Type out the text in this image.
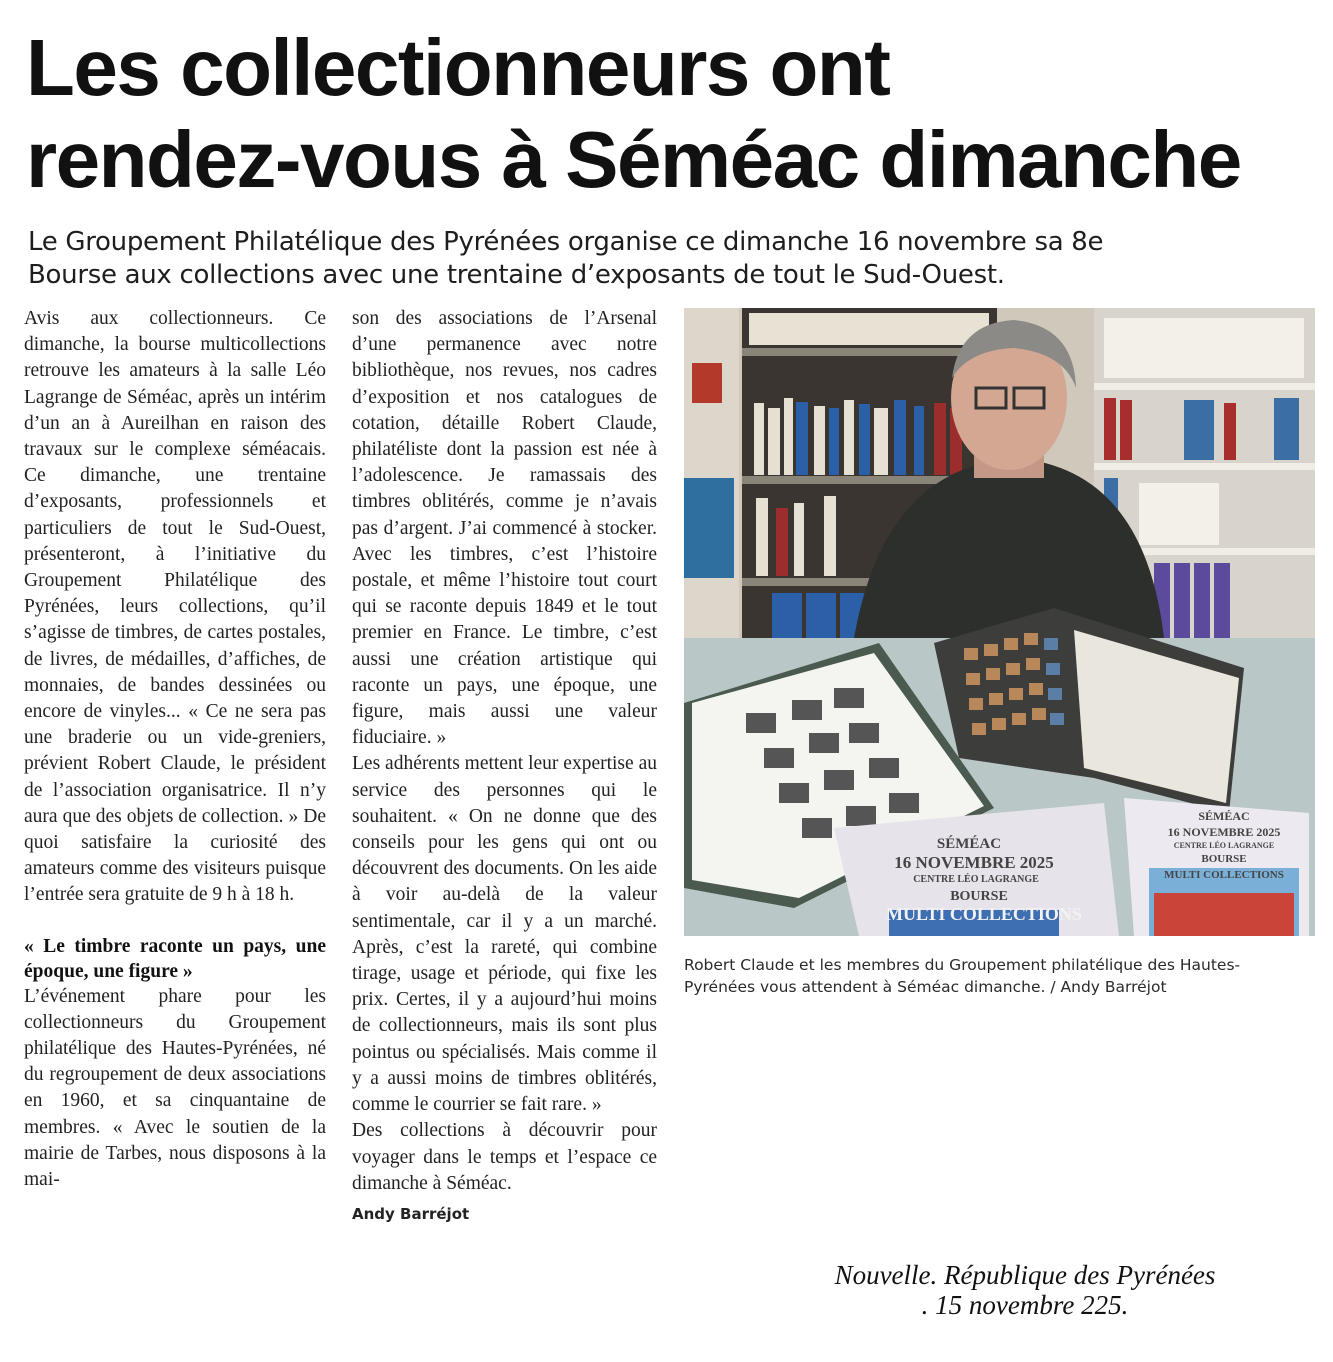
Les collectionneurs ont
rendez-vous à Séméac dimanche
Le Groupement Philatélique des Pyrénées organise ce dimanche 16 novembre sa 8e
Bourse aux collections avec une trentaine d’exposants de tout le Sud-Ouest.

Avis aux collectionneurs. Ce dimanche, la bourse multicollections retrouve les amateurs à la salle Léo Lagrange de Séméac, après un intérim d’un an à Aureilhan en raison des travaux sur le complexe séméacais. Ce dimanche, une trentaine d’exposants, professionnels et particuliers de tout le Sud-Ouest, présenteront, à l’initiative du Groupement Philatélique des Pyrénées, leurs collections, qu’il s’agisse de timbres, de cartes postales, de livres, de médailles, d’affiches, de monnaies, de bandes dessinées ou encore de vinyles... « Ce ne sera pas une braderie ou un vide-greniers, prévient Robert Claude, le président de l’association organisatrice. Il n’y aura que des objets de collection. » De quoi satisfaire la curiosité des amateurs comme des visiteurs puisque l’entrée sera gratuite de 9 h à 18 h.

« Le timbre raconte un pays, une époque, une figure »

L’événement phare pour les collectionneurs du Groupement philatélique des Hautes-Pyrénées, né du regroupement de deux associations en 1960, et sa cinquantaine de membres. « Avec le soutien de la mairie de Tarbes, nous disposons à la mai-

son des associations de l’Arsenal d’une permanence avec notre bibliothèque, nos revues, nos cadres d’exposition et nos catalogues de cotation, détaille Robert Claude, philatéliste dont la passion est née à l’adolescence. Je ramassais des timbres oblitérés, comme je n’avais pas d’argent. J’ai commencé à stocker. Avec les timbres, c’est l’histoire postale, et même l’histoire tout court qui se raconte depuis 1849 et le tout premier en France. Le timbre, c’est aussi une création artistique qui raconte un pays, une époque, une figure, mais aussi une valeur fiduciaire. »

Les adhérents mettent leur expertise au service des personnes qui le souhaitent. « On ne donne que des conseils pour les gens qui ont ou découvrent des documents. On les aide à voir au-delà de la valeur sentimentale, car il y a un marché. Après, c’est la rareté, qui combine tirage, usage et période, qui fixe les prix. Certes, il y a aujourd’hui moins de collectionneurs, mais ils sont plus pointus ou spécialisés. Mais comme il y a aussi moins de timbres oblitérés, comme le courrier se fait rare. »

Des collections à découvrir pour voyager dans le temps et l’espace ce dimanche à Séméac.

Andy Barréjot

SÉMÉAC
16 NOVEMBRE 2025
CENTRE LÉO LAGRANGE
BOURSE
MULTI COLLECTIONS
SÉMÉAC
16 NOVEMBRE 2025
CENTRE LÉO LAGRANGE
BOURSE
MULTI COLLECTIONS
Robert Claude et les membres du Groupement philatélique des Hautes-
Pyrénées vous attendent à Séméac dimanche. / Andy Barréjot
Nouvelle. République des Pyrénées
. 15 novembre 225.
